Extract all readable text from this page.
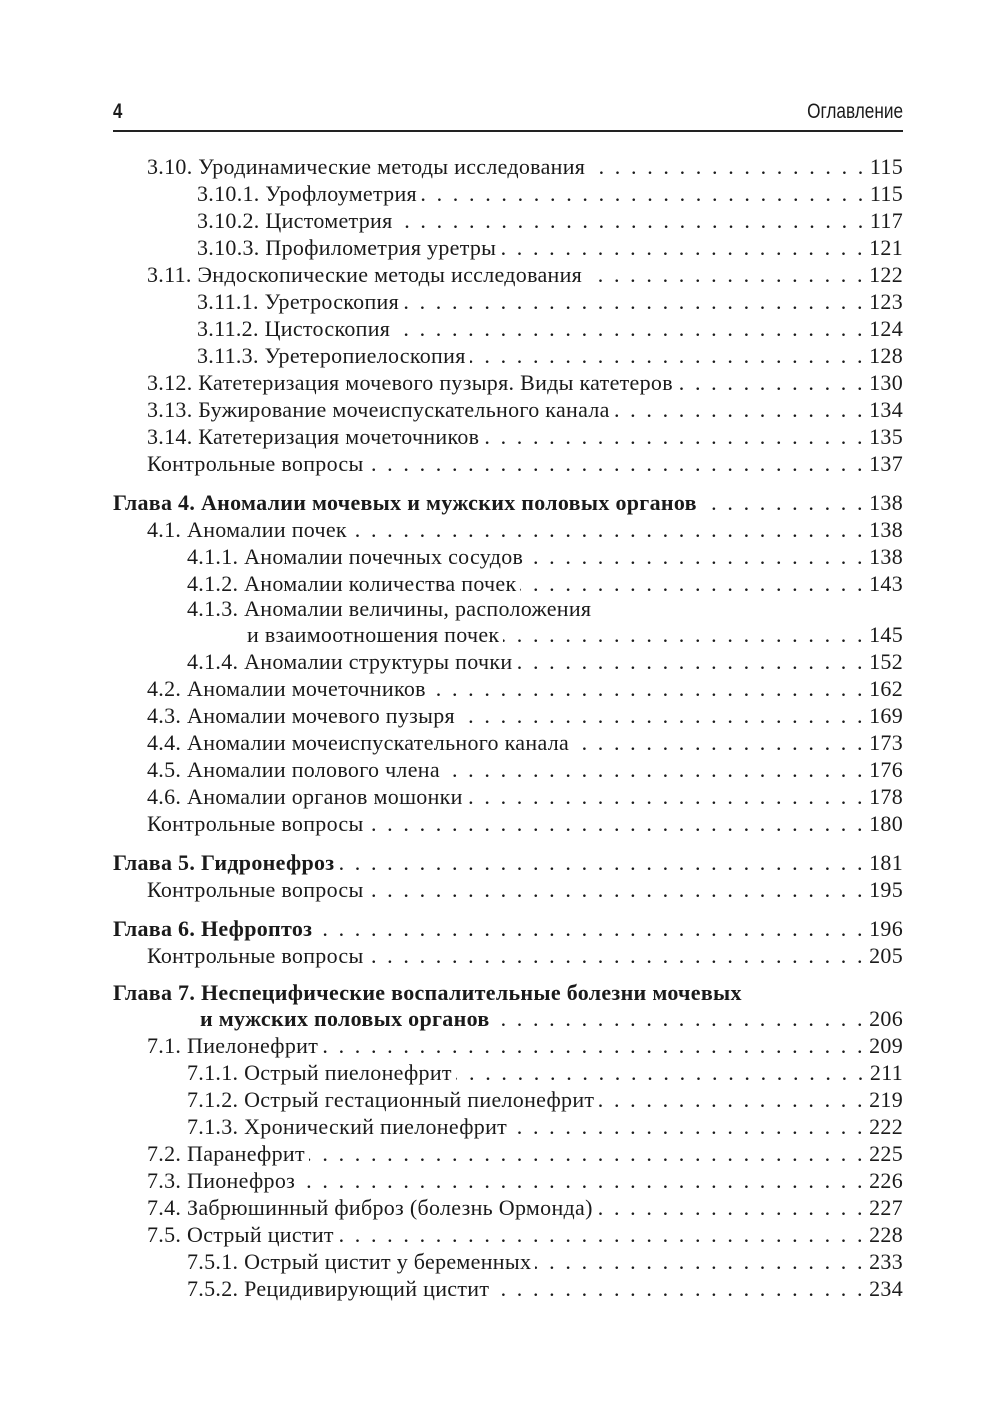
4	Оглавление
3.10. Уродинамические методы исследования . . .	115
3.10.1. Урофлоуметрия . . .	115
3.10.2. Цистометрия . . .	117
3.10.3. Профилометрия уретры . . .	121
3.11. Эндоскопические методы исследования . . .	122
3.11.1. Уретроскопия . . .	123
3.11.2. Цистоскопия . . .	124
3.11.3. Уретеропиелоскопия . . .	128
3.12. Катетеризация мочевого пузыря. Виды катетеров . . .	130
3.13. Бужирование мочеиспускательного канала . . .	134
3.14. Катетеризация мочеточников . . .	135
Контрольные вопросы . . .	137
Глава 4. Аномалии мочевых и мужских половых органов . . .	138
4.1. Аномалии почек . . .	138
4.1.1. Аномалии почечных сосудов . . .	138
4.1.2. Аномалии количества почек . . .	143
4.1.3. Аномалии величины, расположения
и взаимоотношения почек . . .	145
4.1.4. Аномалии структуры почки . . .	152
4.2. Аномалии мочеточников . . .	162
4.3. Аномалии мочевого пузыря . . .	169
4.4. Аномалии мочеиспускательного канала . . .	173
4.5. Аномалии полового члена . . .	176
4.6. Аномалии органов мошонки . . .	178
Контрольные вопросы . . .	180
Глава 5. Гидронефроз . . .	181
Контрольные вопросы . . .	195
Глава 6. Нефроптоз . . .	196
Контрольные вопросы . . .	205
Глава 7. Неспецифические воспалительные болезни мочевых
и мужских половых органов . . .	206
7.1. Пиелонефрит . . .	209
7.1.1. Острый пиелонефрит . . .	211
7.1.2. Острый гестационный пиелонефрит . . .	219
7.1.3. Хронический пиелонефрит . . .	222
7.2. Паранефрит . . .	225
7.3. Пионефроз . . .	226
7.4. Забрюшинный фиброз (болезнь Ормонда) . . .	227
7.5. Острый цистит . . .	228
7.5.1. Острый цистит у беременных . . .	233
7.5.2. Рецидивирующий цистит . . .	234
